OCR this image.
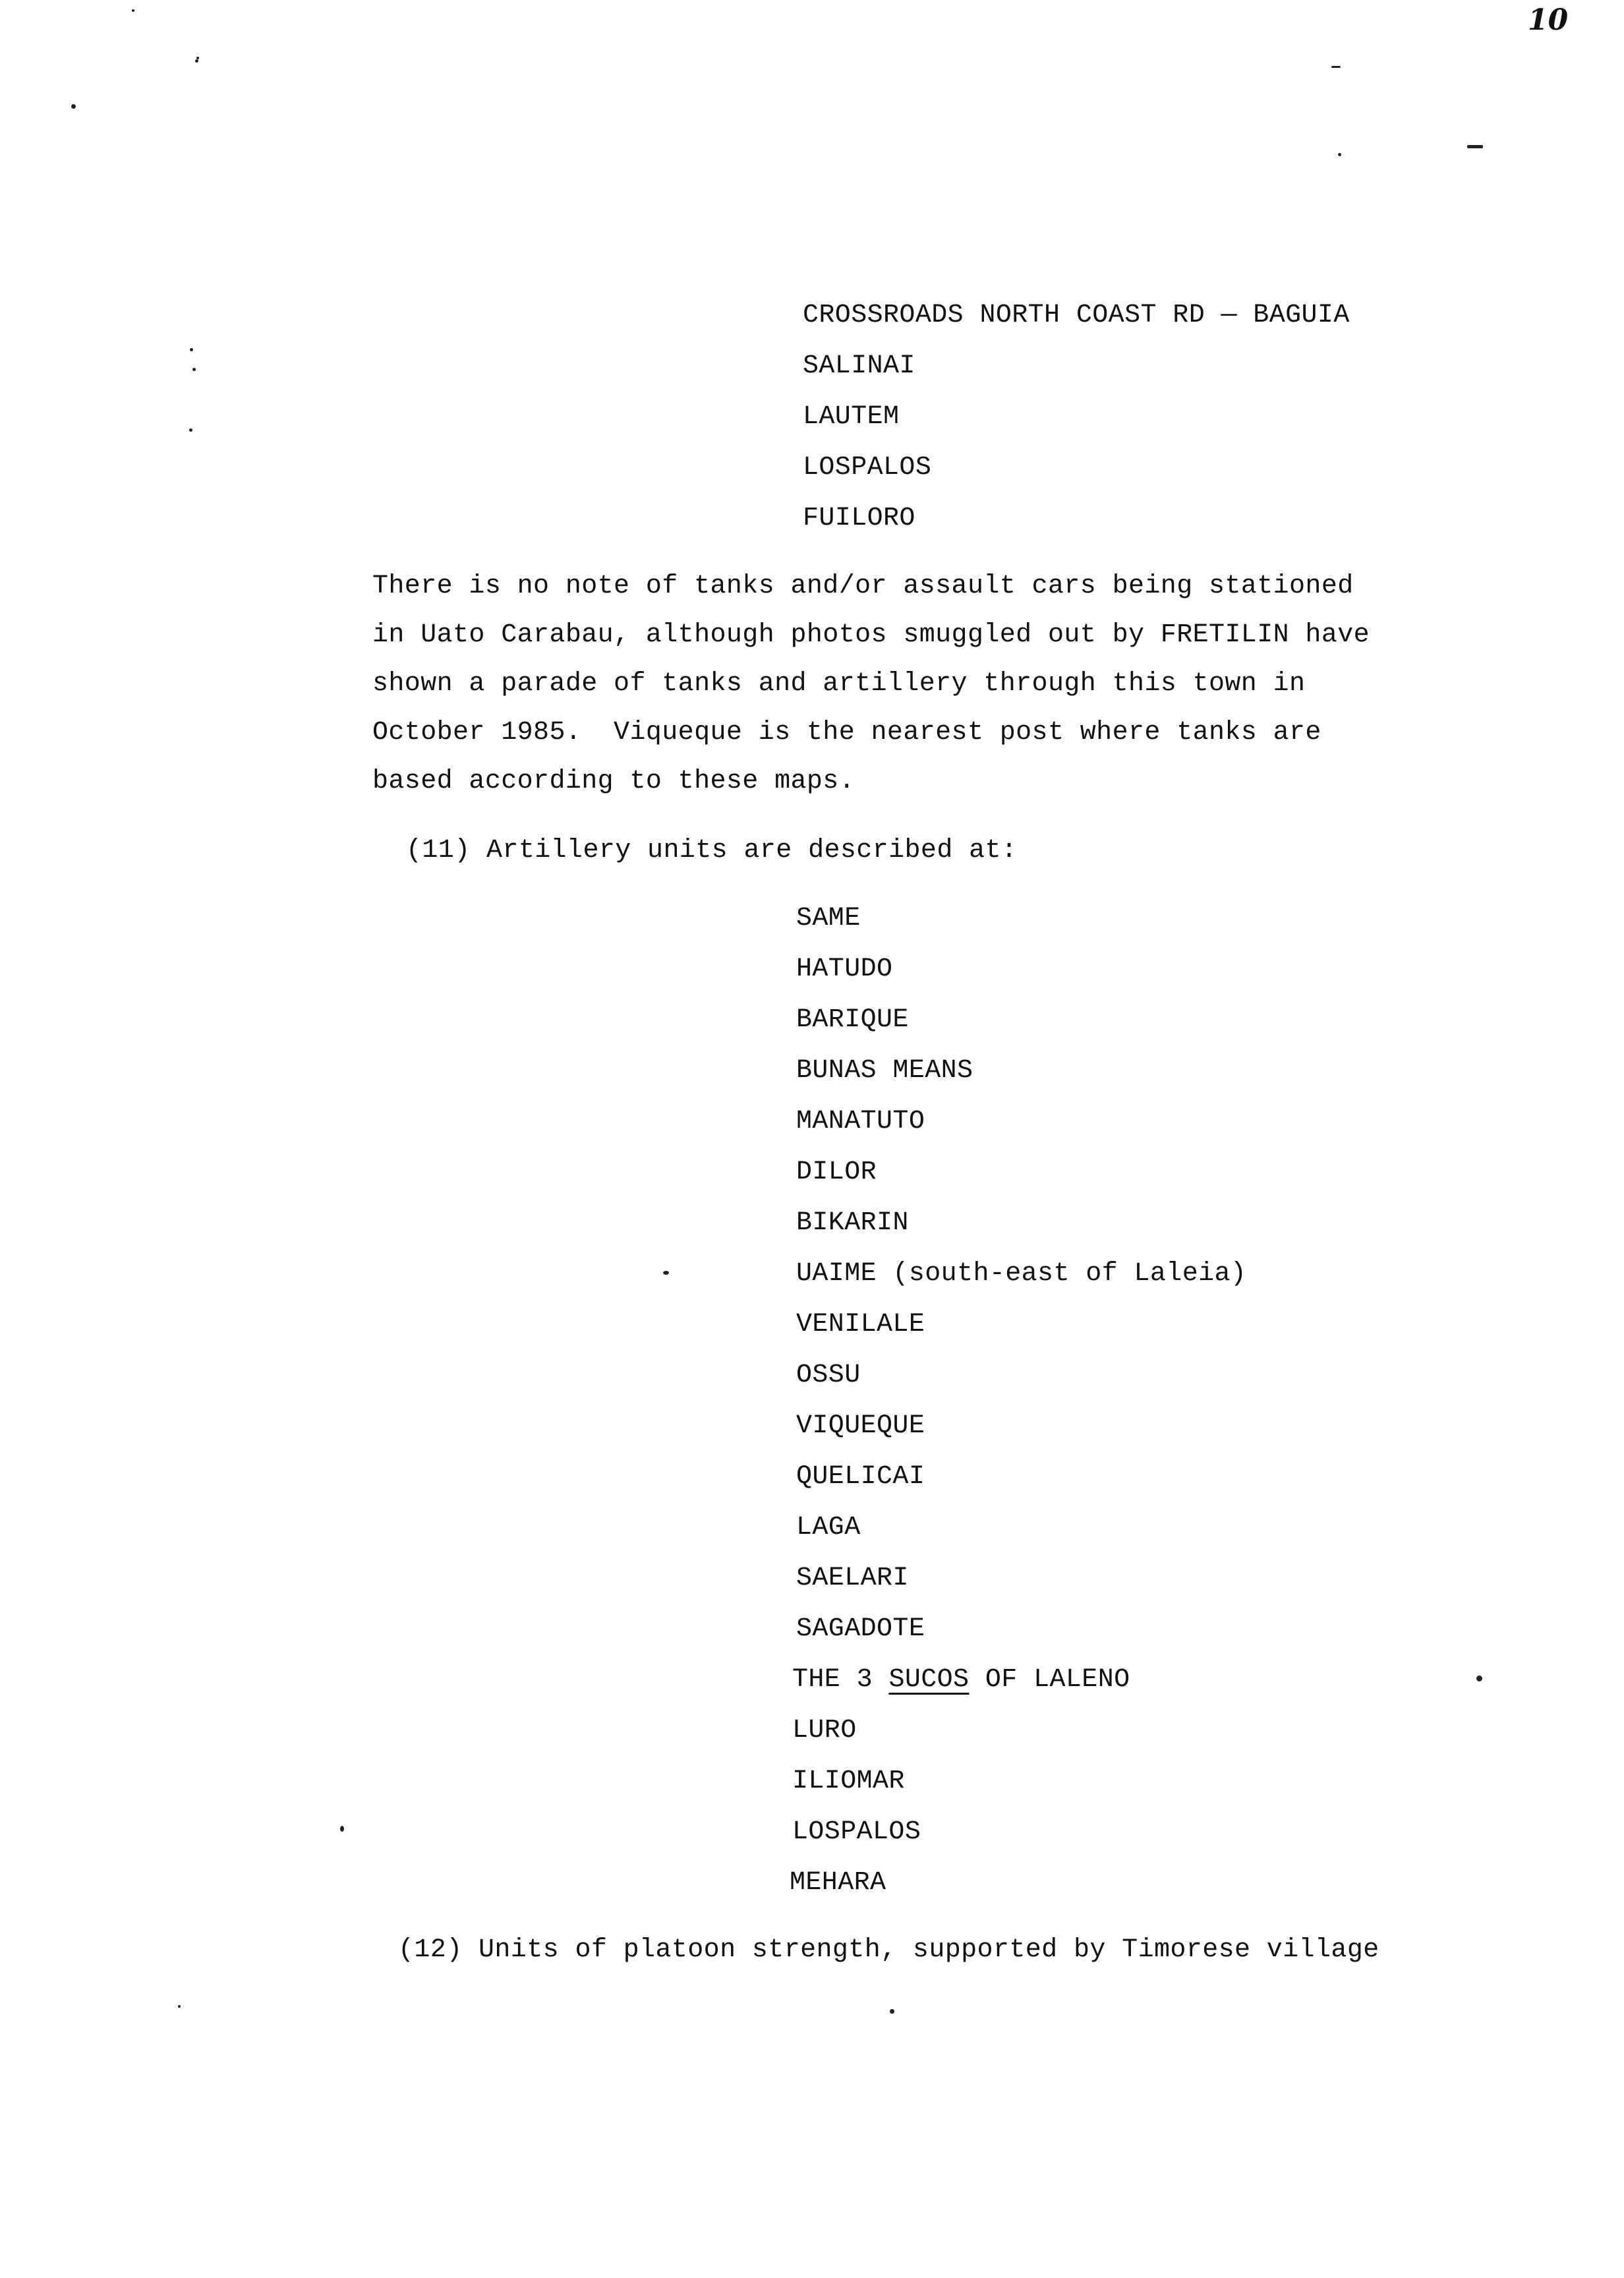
10
CROSSROADS NORTH COAST RD — BAGUIA
SALINAI
LAUTEM
LOSPALOS
FUILORO
There is no note of tanks and/or assault cars being stationed
in Uato Carabau, although photos smuggled out by FRETILIN have
shown a parade of tanks and artillery through this town in
October 1985.  Viqueque is the nearest post where tanks are
based according to these maps.
(11) Artillery units are described at:
SAME
HATUDO
BARIQUE
BUNAS MEANS
MANATUTO
DILOR
BIKARIN
UAIME (south-east of Laleia)
VENILALE
OSSU
VIQUEQUE
QUELICAI
LAGA
SAELARI
SAGADOTE
THE 3 SUCOS OF LALENO
LURO
ILIOMAR
LOSPALOS
MEHARA
(12) Units of platoon strength, supported by Timorese village
